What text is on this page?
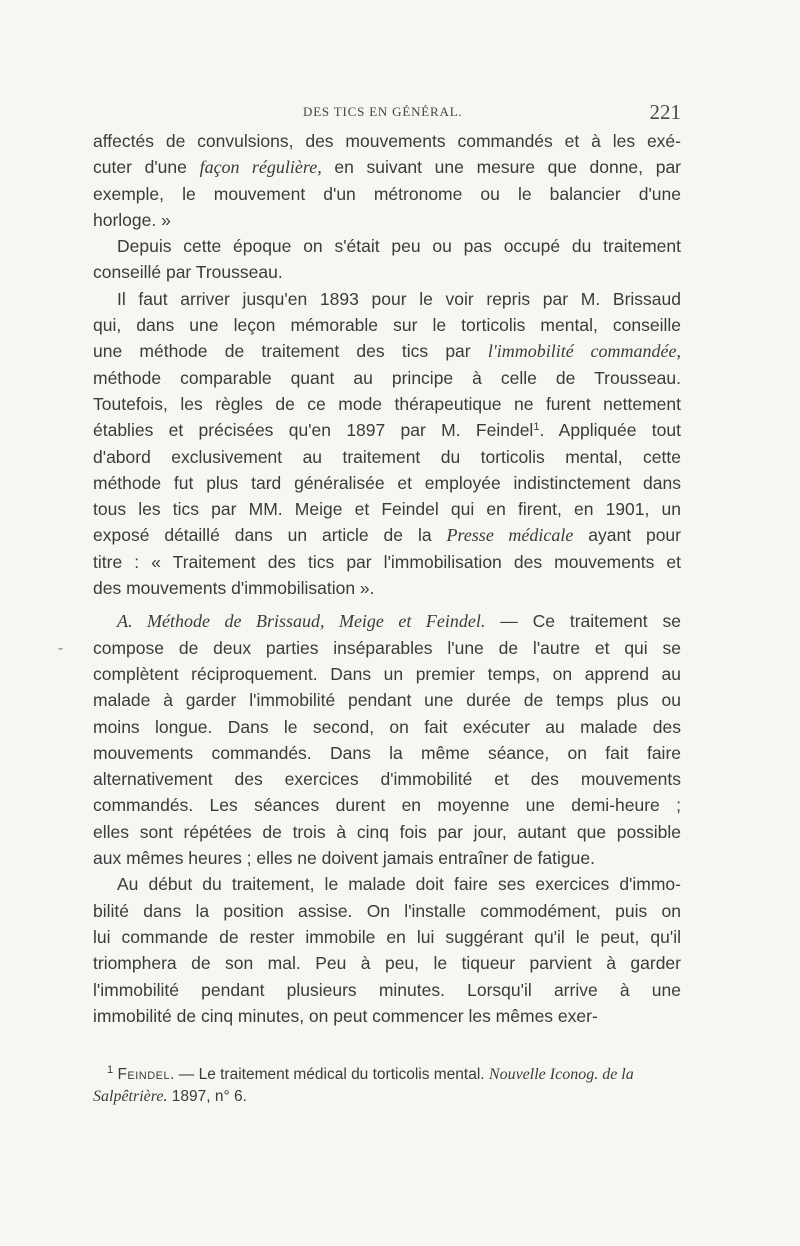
DES TICS EN GÉNÉRAL.	221

affectés de convulsions, des mouvements commandés et à les exé-

cuter d'une façon régulière, en suivant une mesure que donne, par

exemple, le mouvement d'un métronome ou le balancier d'une

horloge. »

Depuis cette époque on s'était peu ou pas occupé du traitement

conseillé par Trousseau.

Il faut arriver jusqu'en 1893 pour le voir repris par M. Brissaud

qui, dans une leçon mémorable sur le torticolis mental, conseille

une méthode de traitement des tics par l'immobilité commandée,

méthode comparable quant au principe à celle de Trousseau.

Toutefois, les règles de ce mode thérapeutique ne furent nettement

établies et précisées qu'en 1897 par M. Feindel$^1$. Appliquée tout

d'abord exclusivement au traitement du torticolis mental, cette

méthode fut plus tard généralisée et employée indistinctement dans

tous les tics par MM. Meige et Feindel qui en firent, en 1901, un

exposé détaillé dans un article de la Presse médicale ayant pour

titre : « Traitement des tics par l'immobilisation des mouvements et

des mouvements d'immobilisation ».

A. Méthode de Brissaud, Meige et Feindel. — Ce traitement se

compose de deux parties inséparables l'une de l'autre et qui se

complètent réciproquement. Dans un premier temps, on apprend au

malade à garder l'immobilité pendant une durée de temps plus ou

moins longue. Dans le second, on fait exécuter au malade des

mouvements commandés. Dans la même séance, on fait faire

alternativement des exercices d'immobilité et des mouvements

commandés. Les séances durent en moyenne une demi-heure ;

elles sont répétées de trois à cinq fois par jour, autant que possible

aux mêmes heures ; elles ne doivent jamais entraîner de fatigue.

Au début du traitement, le malade doit faire ses exercices d'immo-

bilité dans la position assise. On l'installe commodément, puis on

lui commande de rester immobile en lui suggérant qu'il le peut, qu'il

triomphera de son mal. Peu à peu, le tiqueur parvient à garder

l'immobilité pendant plusieurs minutes. Lorsqu'il arrive à une

immobilité de cinq minutes, on peut commencer les mêmes exer-

-

$^1$ Feindel. — Le traitement médical du torticolis mental. Nouvelle Iconog. de la Salpêtrière. 1897, n° 6.
